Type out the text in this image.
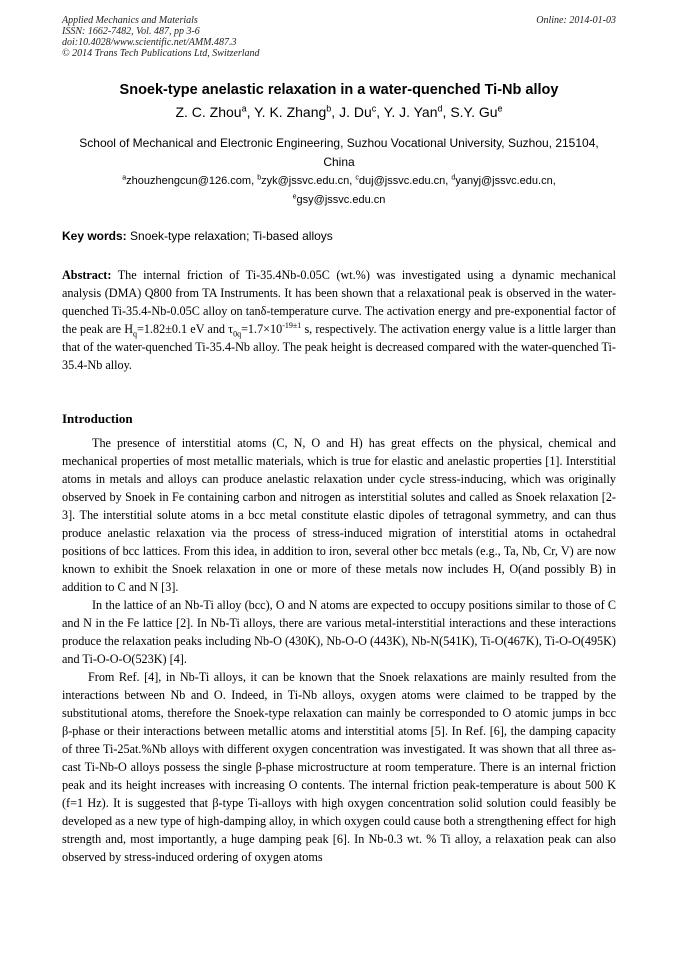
Applied Mechanics and Materials
ISSN: 1662-7482, Vol. 487, pp 3-6
doi:10.4028/www.scientific.net/AMM.487.3
© 2014 Trans Tech Publications Ltd, Switzerland
Online: 2014-01-03
Snoek-type anelastic relaxation in a water-quenched Ti-Nb alloy
Z. C. Zhou$^a$, Y. K. Zhang$^b$, J. Du$^c$, Y. J. Yan$^d$, S.Y. Gu$^e$
School of Mechanical and Electronic Engineering, Suzhou Vocational University, Suzhou, 215104, China
$^a$zhouzhengcun@126.com, $^b$zyk@jssvc.edu.cn, $^c$duj@jssvc.edu.cn, $^d$yanyj@jssvc.edu.cn,
$^e$gsy@jssvc.edu.cn
Key words: Snoek-type relaxation; Ti-based alloys
Abstract: The internal friction of Ti-35.4Nb-0.05C (wt.%) was investigated using a dynamic mechanical analysis (DMA) Q800 from TA Instruments. It has been shown that a relaxational peak is observed in the water-quenched Ti-35.4-Nb-0.05C alloy on tanδ-temperature curve. The activation energy and pre-exponential factor of the peak are $H_q=1.82\pm 0.1$ eV and $\tau_{0q}=1.7\times 10^{-19\pm 1}$ s, respectively. The activation energy value is a little larger than that of the water-quenched Ti-35.4-Nb alloy. The peak height is decreased compared with the water-quenched Ti-35.4-Nb alloy.
Introduction

The presence of interstitial atoms (C, N, O and H) has great effects on the physical, chemical and mechanical properties of most metallic materials, which is true for elastic and anelastic properties [1]. Interstitial atoms in metals and alloys can produce anelastic relaxation under cycle stress-inducing, which was originally observed by Snoek in Fe containing carbon and nitrogen as interstitial solutes and called as Snoek relaxation [2-3]. The interstitial solute atoms in a bcc metal constitute elastic dipoles of tetragonal symmetry, and can thus produce anelastic relaxation via the process of stress-induced migration of interstitial atoms in octahedral positions of bcc lattices. From this idea, in addition to iron, several other bcc metals (e.g., Ta, Nb, Cr, V) are now known to exhibit the Snoek relaxation in one or more of these metals now includes H, O(and possibly B) in addition to C and N [3].

In the lattice of an Nb-Ti alloy (bcc), O and N atoms are expected to occupy positions similar to those of C and N in the Fe lattice [2]. In Nb-Ti alloys, there are various metal-interstitial interactions and these interactions produce the relaxation peaks including Nb-O (430K), Nb-O-O (443K), Nb-N(541K), Ti-O(467K), Ti-O-O(495K) and Ti-O-O-O(523K) [4].

From Ref. [4], in Nb-Ti alloys, it can be known that the Snoek relaxations are mainly resulted from the interactions between Nb and O. Indeed, in Ti-Nb alloys, oxygen atoms were claimed to be trapped by the substitutional atoms, therefore the Snoek-type relaxation can mainly be corresponded to O atomic jumps in bcc β-phase or their interactions between metallic atoms and interstitial atoms [5]. In Ref. [6], the damping capacity of three Ti-25at.%Nb alloys with different oxygen concentration was investigated. It was shown that all three as-cast Ti-Nb-O alloys possess the single β-phase microstructure at room temperature. There is an internal friction peak and its height increases with increasing O contents. The internal friction peak-temperature is about 500 K (f=1 Hz). It is suggested that β-type Ti-alloys with high oxygen concentration solid solution could feasibly be developed as a new type of high-damping alloy, in which oxygen could cause both a strengthening effect for high strength and, most importantly, a huge damping peak [6]. In Nb-0.3 wt. % Ti alloy, a relaxation peak can also observed by stress-induced ordering of oxygen atoms
